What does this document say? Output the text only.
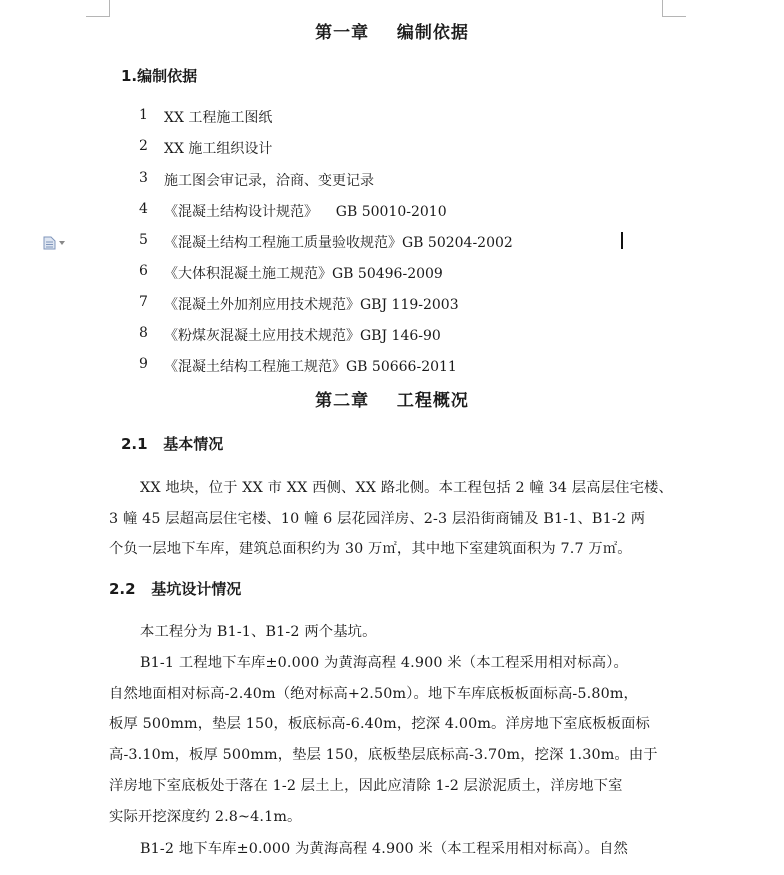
第一章    编制依据
1.编制依据
1	XX 工程施工图纸
2	XX 施工组织设计
3	施工图会审记录，洽商、变更记录
4	《混凝土结构设计规范》    GB 50010-2010
5	《混凝土结构工程施工质量验收规范》GB 50204-2002
6	《大体积混凝土施工规范》GB 50496-2009
7	《混凝土外加剂应用技术规范》GBJ 119-2003
8	《粉煤灰混凝土应用技术规范》GBJ 146-90
9	《混凝土结构工程施工规范》GB 50666-2011
第二章    工程概况
2.1   基本情况
XX 地块，位于 XX 市 XX 西侧、XX 路北侧。本工程包括 2 幢 34 层高层住宅楼、
3 幢 45 层超高层住宅楼、10 幢 6 层花园洋房、2-3 层沿街商铺及 B1-1、B1-2 两
个负一层地下车库，建筑总面积约为 30 万㎡，其中地下室建筑面积为 7.7 万㎡。
2.2   基坑设计情况
本工程分为 B1-1、B1-2 两个基坑。
B1-1 工程地下车库±0.000 为黄海高程 4.900 米（本工程采用相对标高）。
自然地面相对标高-2.40m（绝对标高+2.50m）。地下车库底板板面标高-5.80m，
板厚 500mm，垫层 150，板底标高-6.40m，挖深 4.00m。洋房地下室底板板面标
高-3.10m，板厚 500mm，垫层 150，底板垫层底标高-3.70m，挖深 1.30m。由于
洋房地下室底板处于落在 1-2 层土上，因此应清除 1-2 层淤泥质土，洋房地下室
实际开挖深度约 2.8~4.1m。
B1-2 地下车库±0.000 为黄海高程 4.900 米（本工程采用相对标高）。自然
